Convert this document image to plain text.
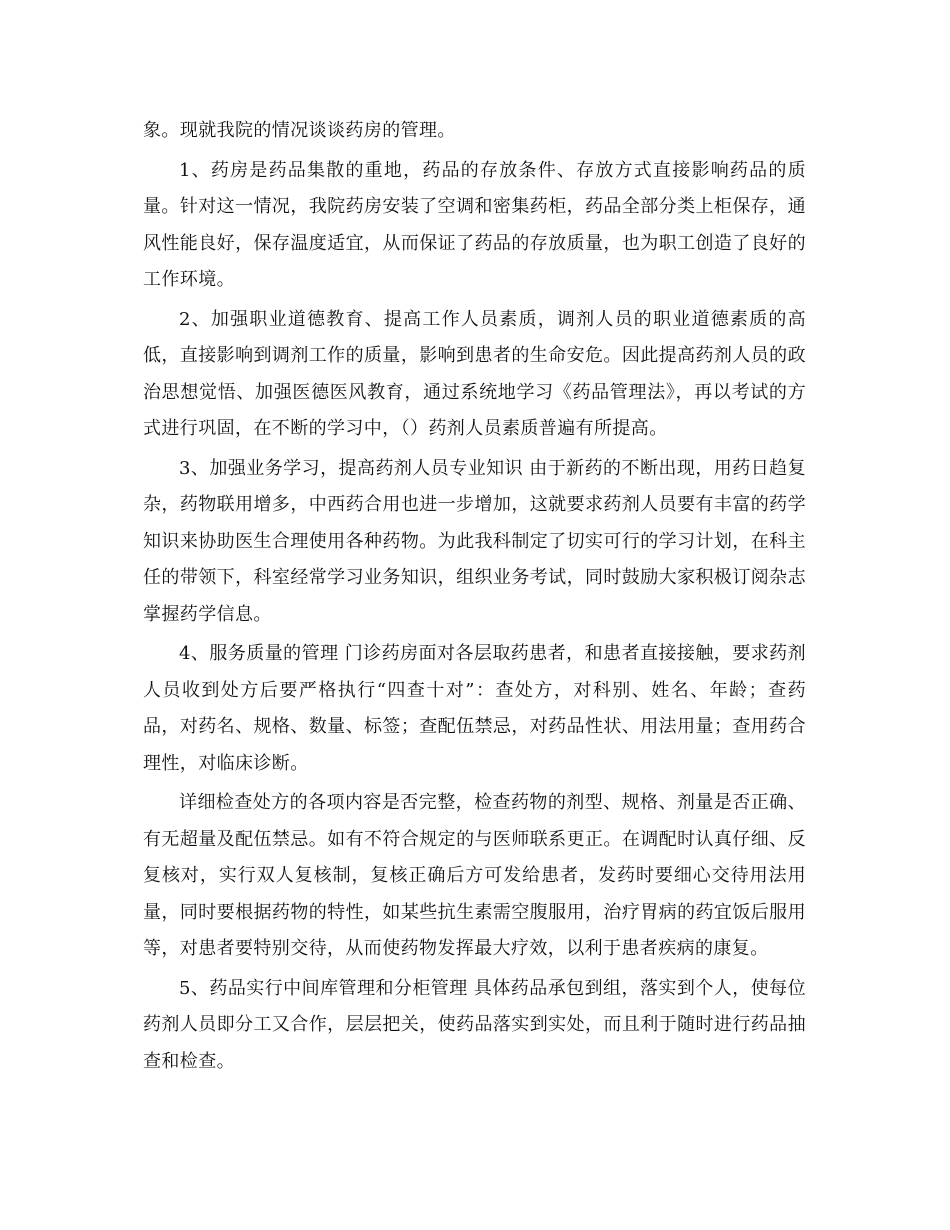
象。现就我院的情况谈谈药房的管理。

1、药房是药品集散的重地，药品的存放条件、存放方式直接影响药品的质量。针对这一情况，我院药房安装了空调和密集药柜，药品全部分类上柜保存，通风性能良好，保存温度适宜，从而保证了药品的存放质量，也为职工创造了良好的工作环境。

2、加强职业道德教育、提高工作人员素质，调剂人员的职业道德素质的高低，直接影响到调剂工作的质量，影响到患者的生命安危。因此提高药剂人员的政治思想觉悟、加强医德医风教育，通过系统地学习《药品管理法》，再以考试的方式进行巩固，在不断的学习中，（）药剂人员素质普遍有所提高。

3、加强业务学习，提高药剂人员专业知识 由于新药的不断出现，用药日趋复杂，药物联用增多，中西药合用也进一步增加，这就要求药剂人员要有丰富的药学知识来协助医生合理使用各种药物。为此我科制定了切实可行的学习计划，在科主任的带领下，科室经常学习业务知识，组织业务考试，同时鼓励大家积极订阅杂志掌握药学信息。

4、服务质量的管理 门诊药房面对各层取药患者，和患者直接接触，要求药剂人员收到处方后要严格执行“四查十对”：查处方，对科别、姓名、年龄；查药品，对药名、规格、数量、标签；查配伍禁忌，对药品性状、用法用量；查用药合理性，对临床诊断。

详细检查处方的各项内容是否完整，检查药物的剂型、规格、剂量是否正确、有无超量及配伍禁忌。如有不符合规定的与医师联系更正。在调配时认真仔细、反复核对，实行双人复核制，复核正确后方可发给患者，发药时要细心交待用法用量，同时要根据药物的特性，如某些抗生素需空腹服用，治疗胃病的药宜饭后服用等，对患者要特别交待，从而使药物发挥最大疗效，以利于患者疾病的康复。

5、药品实行中间库管理和分柜管理 具体药品承包到组，落实到个人，使每位药剂人员即分工又合作，层层把关，使药品落实到实处，而且利于随时进行药品抽查和检查。
